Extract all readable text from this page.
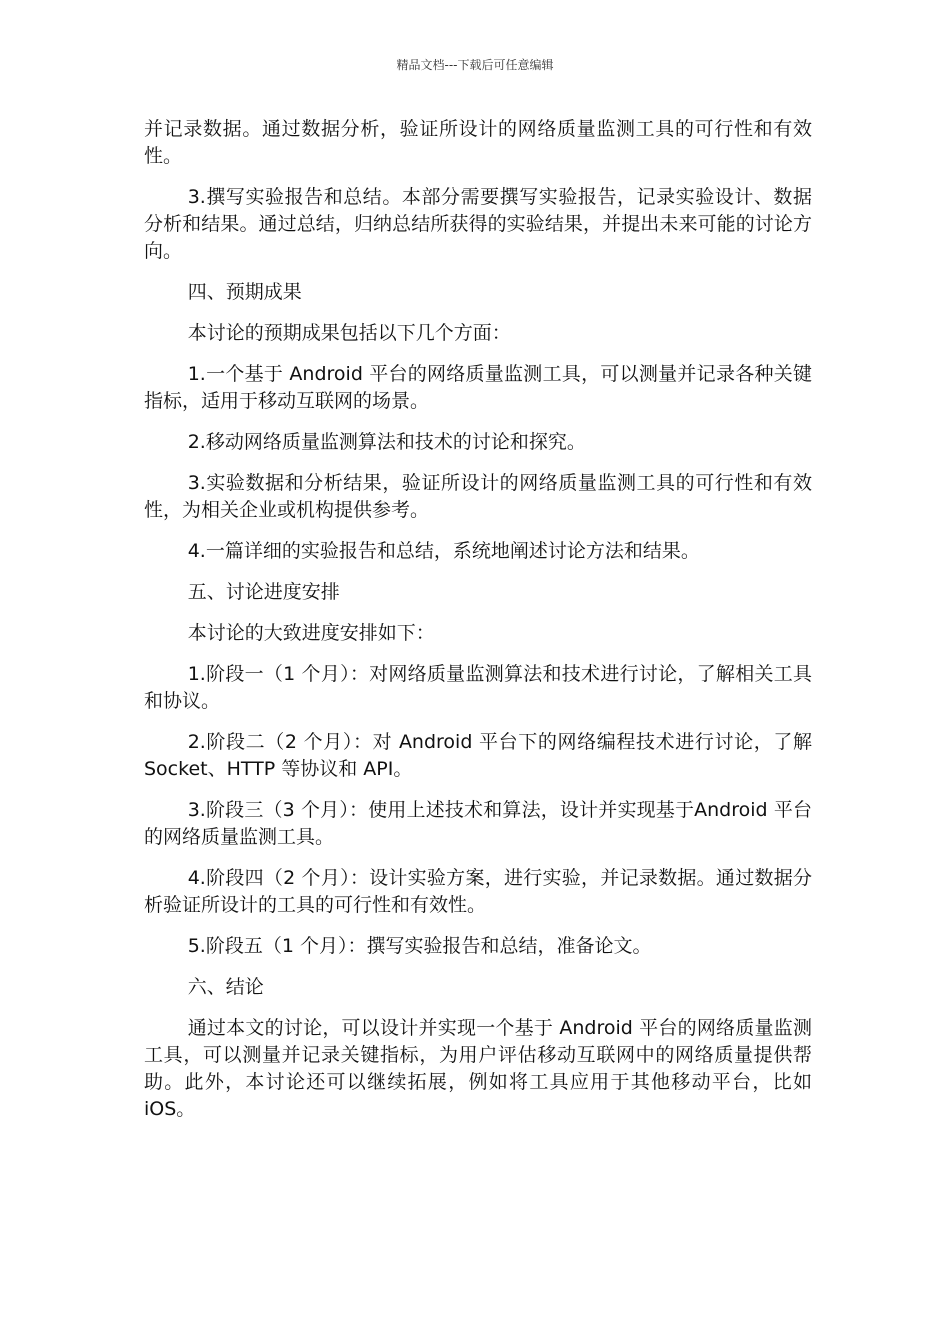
精品文档---下载后可任意编辑

并记录数据。通过数据分析，验证所设计的网络质量监测工具的可行性和有效性。

3.撰写实验报告和总结。本部分需要撰写实验报告，记录实验设计、数据分析和结果。通过总结，归纳总结所获得的实验结果，并提出未来可能的讨论方向。

四、预期成果

本讨论的预期成果包括以下几个方面：

1.一个基于 Android 平台的网络质量监测工具，可以测量并记录各种关键指标，适用于移动互联网的场景。

2.移动网络质量监测算法和技术的讨论和探究。

3.实验数据和分析结果，验证所设计的网络质量监测工具的可行性和有效性，为相关企业或机构提供参考。

4.一篇详细的实验报告和总结，系统地阐述讨论方法和结果。

五、讨论进度安排

本讨论的大致进度安排如下：

1.阶段一（1 个月）：对网络质量监测算法和技术进行讨论，了解相关工具和协议。

2.阶段二（2 个月）：对 Android 平台下的网络编程技术进行讨论，了解 Socket、HTTP 等协议和 API。

3.阶段三（3 个月）：使用上述技术和算法，设计并实现基于Android 平台的网络质量监测工具。

4.阶段四（2 个月）：设计实验方案，进行实验，并记录数据。通过数据分析验证所设计的工具的可行性和有效性。

5.阶段五（1 个月）：撰写实验报告和总结，准备论文。

六、结论

通过本文的讨论，可以设计并实现一个基于 Android 平台的网络质量监测工具，可以测量并记录关键指标，为用户评估移动互联网中的网络质量提供帮助。此外，本讨论还可以继续拓展，例如将工具应用于其他移动平台，比如 iOS。
